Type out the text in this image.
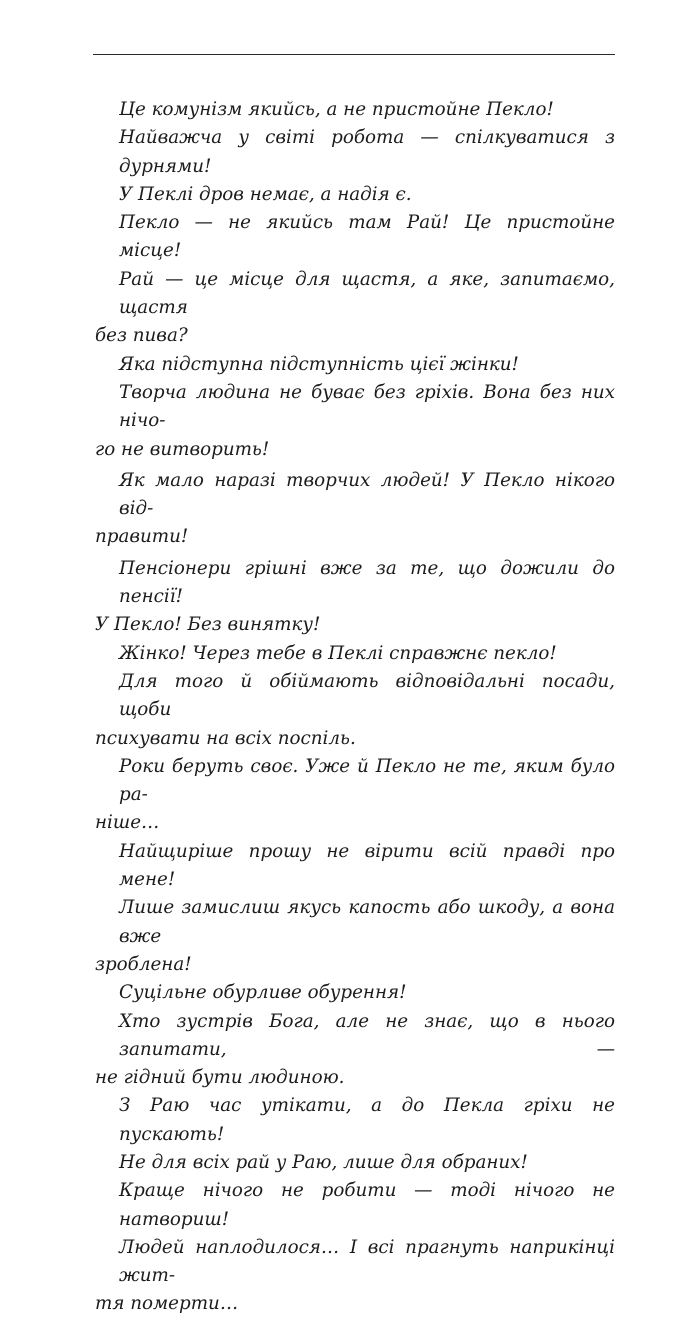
Це комунізм якийсь, а не пристойне Пекло!
Найважча у світі робота — спілкуватися з дурнями!
У Пеклі дров немає, а надія є.
Пекло — не якийсь там Рай! Це пристойне місце!
Рай — це місце для щастя, а яке, запитаємо, щастя
без пива?
Яка підступна підступність цієї жінки!
Творча людина не буває без гріхів. Вона без них нічо-
го не витворить!
Як мало наразі творчих людей! У Пекло нікого від-
правити!
Пенсіонери грішні вже за те, що дожили до пенсії!
У Пекло! Без винятку!
Жінко! Через тебе в Пеклі справжнє пекло!
Для того й обіймають відповідальні посади, щоби
психувати на всіх поспіль.
Роки беруть своє. Уже й Пекло не те, яким було ра-
ніше…
Найщиріше прошу не вірити всій правді про мене!
Лише замислиш якусь капость або шкоду, а вона вже
зроблена!
Суцільне обурливе обурення!
Хто зустрів Бога, але не знає, що в нього запитати, —
не гідний бути людиною.
З Раю час утікати, а до Пекла гріхи не пускають!
Не для всіх рай у Раю, лише для обраних!
Краще нічого не робити — тоді нічого не натвориш!
Людей наплодилося… І всі прагнуть наприкінці жит-
тя померти…
